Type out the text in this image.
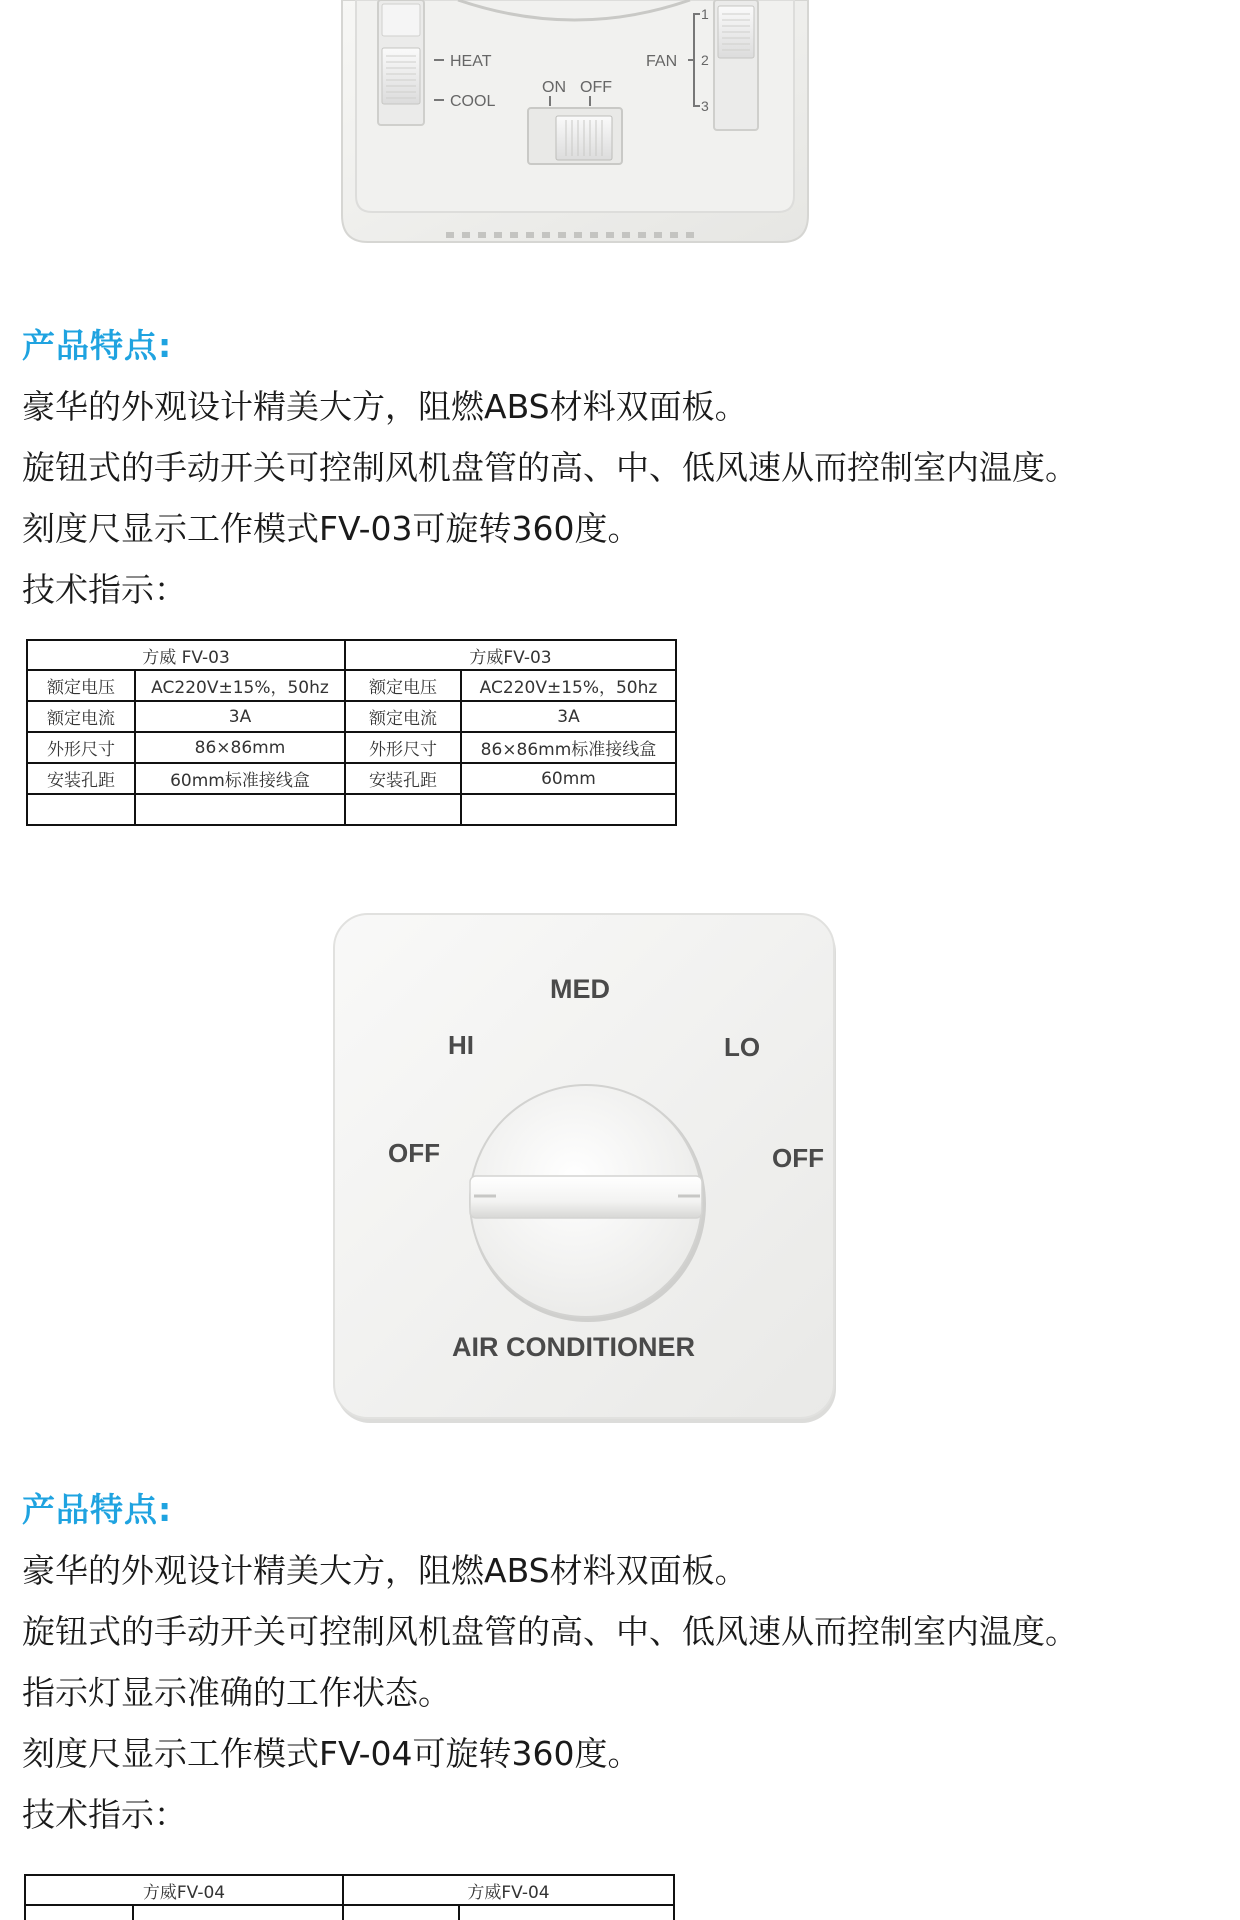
HEAT
COOL
ON OFF
FAN
1
2
3
产品特点:
豪华的外观设计精美大方，阻燃ABS材料双面板。
旋钮式的手动开关可控制风机盘管的高、中、低风速从而控制室内温度。
刻度尺显示工作模式FV-03可旋转360度。
技术指示：
方威 FV-03		方威FV-03	
额定电压	AC220V±15%，50hz	额定电压	AC220V±15%，50hz
额定电流	3A	额定电流	3A
外形尺寸	86×86mm	外形尺寸	86×86mm标准接线盒
安装孔距	60mm标准接线盒	安装孔距	60mm

MED
HI	LO
OFF	OFF
AIR CONDITIONER
产品特点:
豪华的外观设计精美大方，阻燃ABS材料双面板。
旋钮式的手动开关可控制风机盘管的高、中、低风速从而控制室内温度。
指示灯显示准确的工作状态。
刻度尺显示工作模式FV-04可旋转360度。
技术指示：
方威FV-04		方威FV-04	
